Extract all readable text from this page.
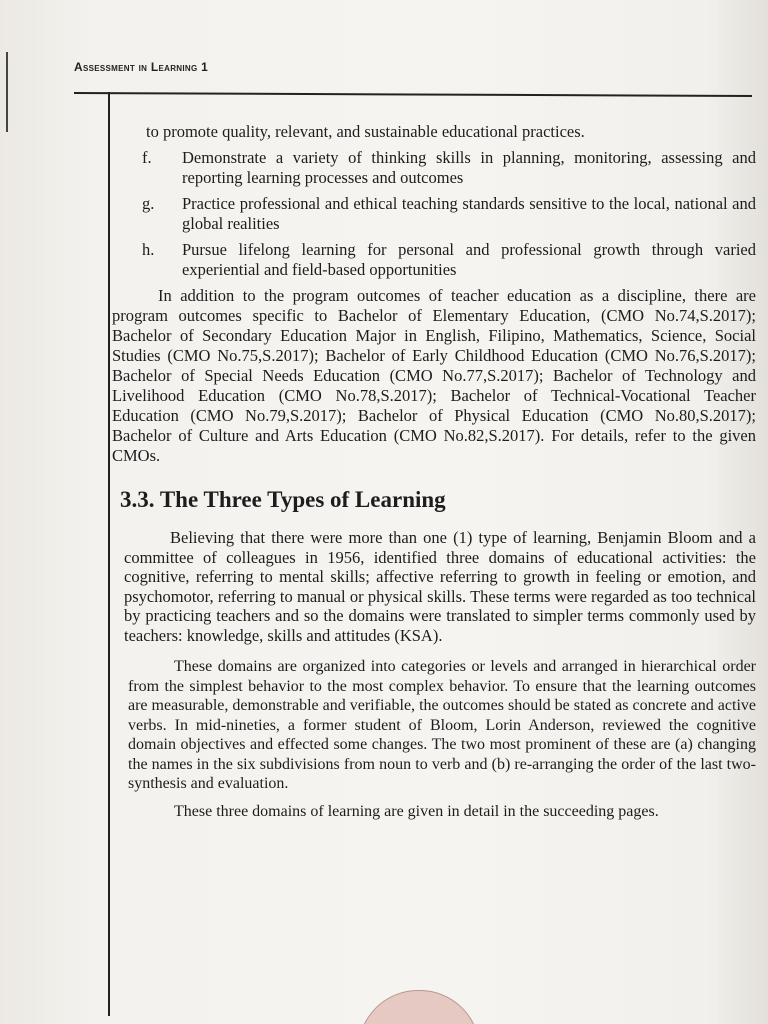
Assessment in Learning 1

to promote quality, relevant, and sustainable educational practices.

f.	Demonstrate a variety of thinking skills in planning, monitoring, assessing and reporting learning processes and outcomes
g.	Practice professional and ethical teaching standards sensitive to the local, national and global realities
h.	Pursue lifelong learning for personal and professional growth through varied experiential and field-based opportunities

In addition to the program outcomes of teacher education as a discipline, there are program outcomes specific to Bachelor of Elementary Education, (CMO No.74,S.2017); Bachelor of Secondary Education Major in English, Filipino, Mathematics, Science, Social Studies (CMO No.75,S.2017); Bachelor of Early Childhood Education (CMO No.76,S.2017); Bachelor of Special Needs Education (CMO No.77,S.2017); Bachelor of Technology and Livelihood Education (CMO No.78,S.2017); Bachelor of Technical-Vocational Teacher Education (CMO No.79,S.2017); Bachelor of Physical Education (CMO No.80,S.2017); Bachelor of Culture and Arts Education (CMO No.82,S.2017). For details, refer to the given CMOs.

3.3. The Three Types of Learning

Believing that there were more than one (1) type of learning, Benjamin Bloom and a committee of colleagues in 1956, identified three domains of educational activities: the cognitive, referring to mental skills; affective referring to growth in feeling or emotion, and psychomotor, referring to manual or physical skills. These terms were regarded as too technical by practicing teachers and so the domains were translated to simpler terms commonly used by teachers: knowledge, skills and attitudes (KSA).

These domains are organized into categories or levels and arranged in hierarchical order from the simplest behavior to the most complex behavior. To ensure that the learning outcomes are measurable, demonstrable and verifiable, the outcomes should be stated as concrete and active verbs. In mid-nineties, a former student of Bloom, Lorin Anderson, reviewed the cognitive domain objectives and effected some changes. The two most prominent of these are (a) changing the names in the six subdivisions from noun to verb and (b) re-arranging the order of the last two-synthesis and evaluation.

These three domains of learning are given in detail in the succeeding pages.
